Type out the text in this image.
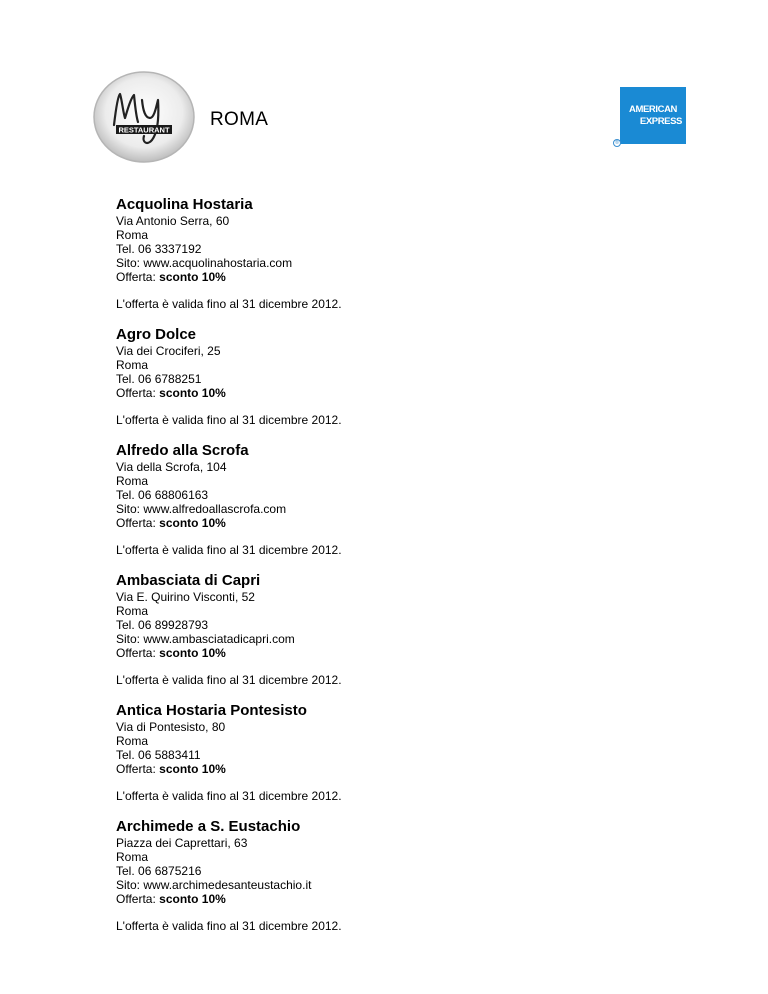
RESTAURANT ROMA	AMERICAN
EXPRESS
®
Acquolina Hostaria
Via Antonio Serra, 60
Roma
Tel. 06 3337192
Sito: www.acquolinahostaria.com
Offerta: sconto 10%
L'offerta è valida fino al 31 dicembre 2012.
Agro Dolce
Via dei Crociferi, 25
Roma
Tel. 06 6788251
Offerta: sconto 10%
L'offerta è valida fino al 31 dicembre 2012.
Alfredo alla Scrofa
Via della Scrofa, 104
Roma
Tel. 06 68806163
Sito: www.alfredoallascrofa.com
Offerta: sconto 10%
L'offerta è valida fino al 31 dicembre 2012.
Ambasciata di Capri
Via E. Quirino Visconti, 52
Roma
Tel. 06 89928793
Sito: www.ambasciatadicapri.com
Offerta: sconto 10%
L'offerta è valida fino al 31 dicembre 2012.
Antica Hostaria Pontesisto
Via di Pontesisto, 80
Roma
Tel. 06 5883411
Offerta: sconto 10%
L'offerta è valida fino al 31 dicembre 2012.
Archimede a S. Eustachio
Piazza dei Caprettari, 63
Roma
Tel. 06 6875216
Sito: www.archimedesanteustachio.it
Offerta: sconto 10%
L'offerta è valida fino al 31 dicembre 2012.
